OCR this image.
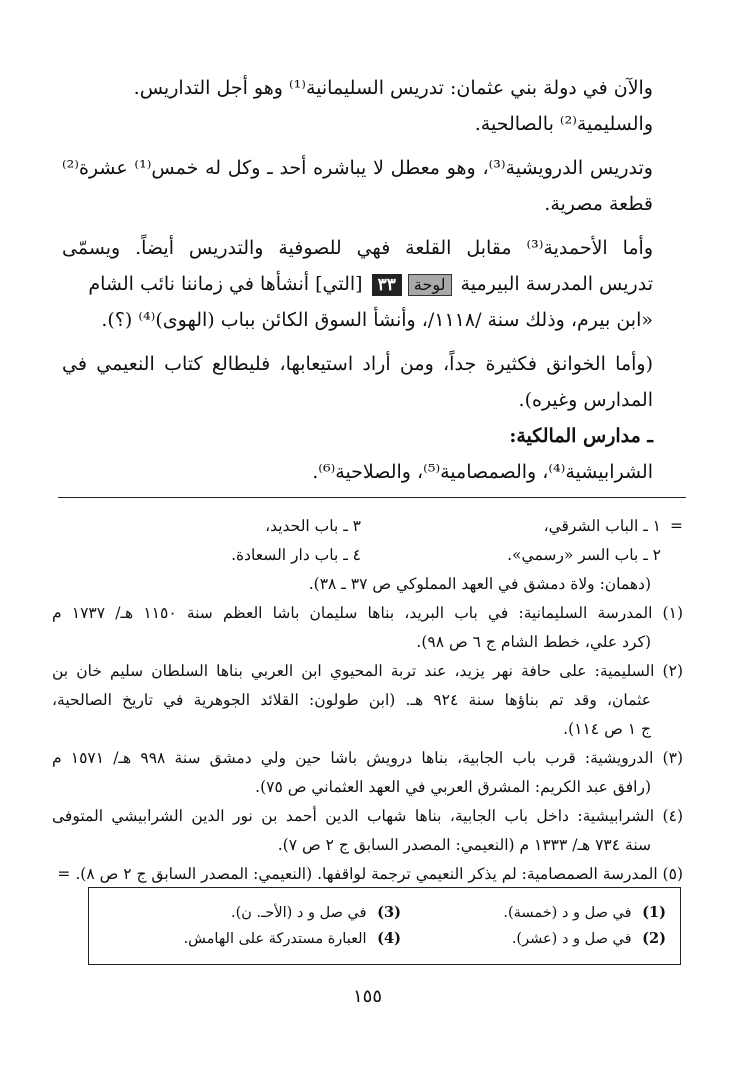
والآن في دولة بني عثمان: تدريس السليمانية⁽¹⁾ وهو أجل التداريس.
والسليمية⁽²⁾ بالصالحية.
وتدريس الدرويشية⁽³⁾، وهو معطل لا يباشره أحد ـ وكل له خمس⁽¹⁾ عشرة⁽²⁾
قطعة مصرية.
وأما الأحمدية⁽³⁾ مقابل القلعة فهي للصوفية والتدريس أيضاً. ويسمّى
تدريس المدرسة البيرمية لوحة٣٣ [التي] أنشأها في زماننا نائب الشام
«ابن بيرم، وذلك سنة /١١١٨/، وأنشأ السوق الكائن بباب (الهوى)⁽⁴⁾ (؟).
(وأما الخوانق فكثيرة جداً، ومن أراد استيعابها، فليطالع كتاب النعيمي في
المدارس وغيره).
ـ مدارس المالكية:
الشرابيشية⁽⁴⁾، والصمصامية⁽⁵⁾، والصلاحية⁽⁶⁾.
=
١ ـ الباب الشرقي،
٣ ـ باب الحديد،
٢ ـ باب السر «رسمي».
٤ ـ باب دار السعادة.
(دهمان: ولاة دمشق في العهد المملوكي ص ٣٧ ـ ٣٨).
(١) المدرسة السليمانية: في باب البريد، بناها سليمان باشا العظم سنة ١١٥٠ هـ/ ١٧٣٧ م
(كرد علي، خطط الشام ج ٦ ص ٩٨).
(٢) السليمية: على حافة نهر يزيد، عند تربة المحيوي ابن العربي بناها السلطان سليم خان بن
عثمان، وقد تم بناؤها سنة ٩٢٤ هـ. (ابن طولون: القلائد الجوهرية في تاريخ الصالحية،
ج ١ ص ١١٤).
(٣) الدرويشية: قرب باب الجابية، بناها درويش باشا حين ولي دمشق سنة ٩٩٨ هـ/ ١٥٧١ م
(رافق عبد الكريم: المشرق العربي في العهد العثماني ص ٧٥).
(٤) الشرابيشية: داخل باب الجابية، بناها شهاب الدين أحمد بن نور الدين الشرابيشي المتوفى
سنة ٧٣٤ هـ/ ١٣٣٣ م (النعيمي: المصدر السابق ج ٢ ص ٧).
(٥) المدرسة الصمصامية: لم يذكر النعيمي ترجمة لواقفها. (النعيمي: المصدر السابق ج ٢ ص ٨). =
(1) في صل و د (خمسة).
(3) في صل و د (الأحـ. ن).
(2) في صل و د (عشر).
(4) العبارة مستدركة على الهامش.
١٥٥
